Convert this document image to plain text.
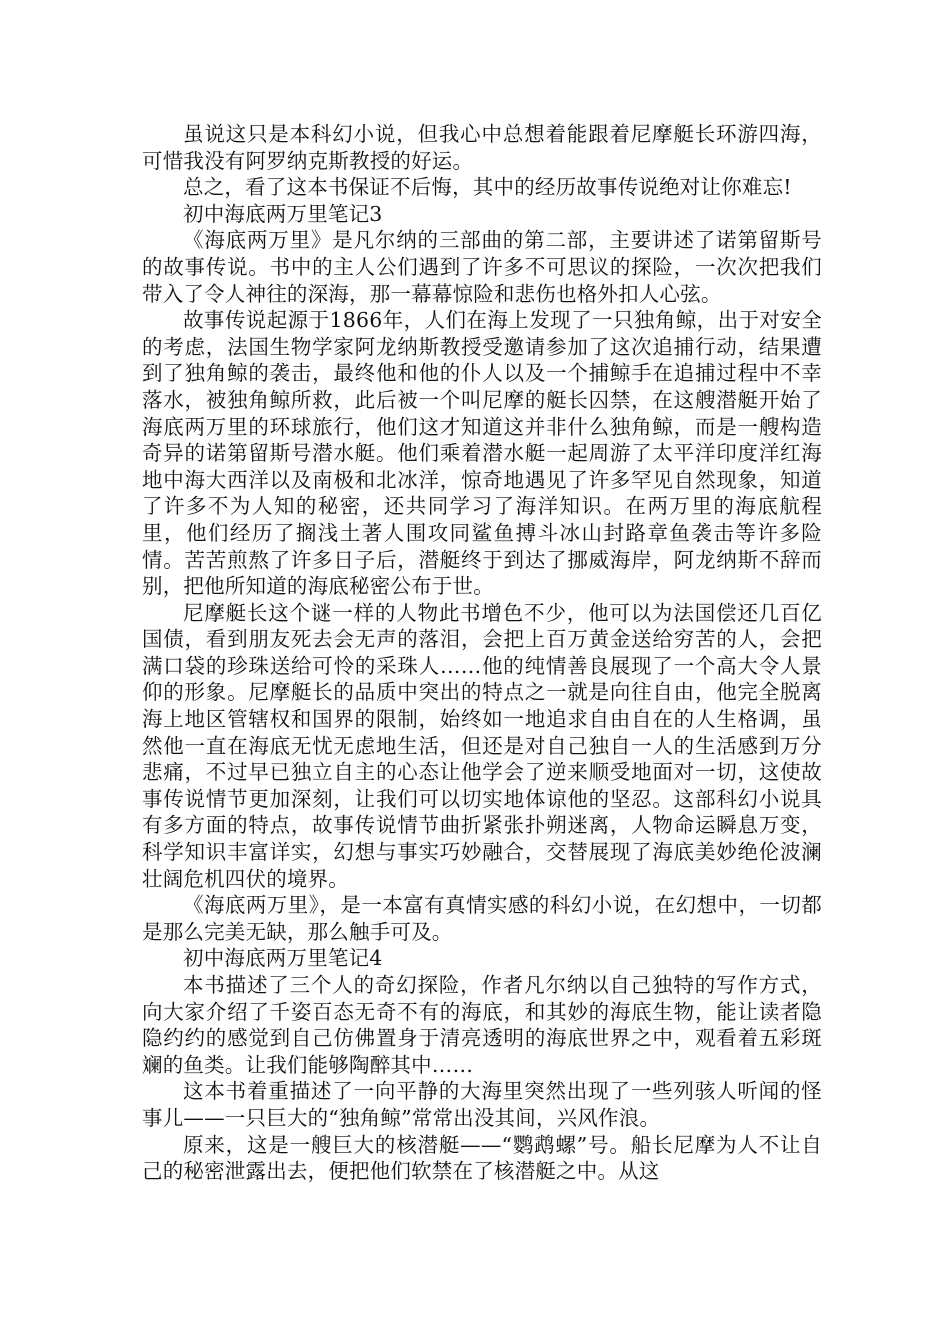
虽说这只是本科幻小说，但我心中总想着能跟着尼摩艇长环游四海，可惜我没有阿罗纳克斯教授的好运。

总之，看了这本书保证不后悔，其中的经历故事传说绝对让你难忘!

初中海底两万里笔记3

《海底两万里》是凡尔纳的三部曲的第二部，主要讲述了诺第留斯号的故事传说。书中的主人公们遇到了许多不可思议的探险，一次次把我们带入了令人神往的深海，那一幕幕惊险和悲伤也格外扣人心弦。

故事传说起源于1866年，人们在海上发现了一只独角鲸，出于对安全的考虑，法国生物学家阿龙纳斯教授受邀请参加了这次追捕行动，结果遭到了独角鲸的袭击，最终他和他的仆人以及一个捕鲸手在追捕过程中不幸落水，被独角鲸所救，此后被一个叫尼摩的艇长囚禁，在这艘潜艇开始了海底两万里的环球旅行，他们这才知道这并非什么独角鲸，而是一艘构造奇异的诺第留斯号潜水艇。他们乘着潜水艇一起周游了太平洋印度洋红海地中海大西洋以及南极和北冰洋，惊奇地遇见了许多罕见自然现象，知道了许多不为人知的秘密，还共同学习了海洋知识。在两万里的海底航程里，他们经历了搁浅土著人围攻同鲨鱼搏斗冰山封路章鱼袭击等许多险情。苦苦煎熬了许多日子后，潜艇终于到达了挪威海岸，阿龙纳斯不辞而别，把他所知道的海底秘密公布于世。

尼摩艇长这个谜一样的人物此书增色不少，他可以为法国偿还几百亿国债，看到朋友死去会无声的落泪，会把上百万黄金送给穷苦的人，会把满口袋的珍珠送给可怜的采珠人……他的纯情善良展现了一个高大令人景仰的形象。尼摩艇长的品质中突出的特点之一就是向往自由，他完全脱离海上地区管辖权和国界的限制，始终如一地追求自由自在的人生格调，虽然他一直在海底无忧无虑地生活，但还是对自己独自一人的生活感到万分悲痛，不过早已独立自主的心态让他学会了逆来顺受地面对一切，这使故事传说情节更加深刻，让我们可以切实地体谅他的坚忍。这部科幻小说具有多方面的特点，故事传说情节曲折紧张扑朔迷离，人物命运瞬息万变，科学知识丰富详实，幻想与事实巧妙融合，交替展现了海底美妙绝伦波澜壮阔危机四伏的境界。

《海底两万里》，是一本富有真情实感的科幻小说，在幻想中，一切都是那么完美无缺，那么触手可及。

初中海底两万里笔记4

本书描述了三个人的奇幻探险，作者凡尔纳以自己独特的写作方式，向大家介绍了千姿百态无奇不有的海底，和其妙的海底生物，能让读者隐隐约约的感觉到自己仿佛置身于清亮透明的海底世界之中，观看着五彩斑斓的鱼类。让我们能够陶醉其中……

这本书着重描述了一向平静的大海里突然出现了一些列骇人听闻的怪事儿——一只巨大的“独角鲸”常常出没其间，兴风作浪。

原来，这是一艘巨大的核潜艇——“鹦鹉螺”号。船长尼摩为人不让自己的秘密泄露出去，便把他们软禁在了核潜艇之中。从这
